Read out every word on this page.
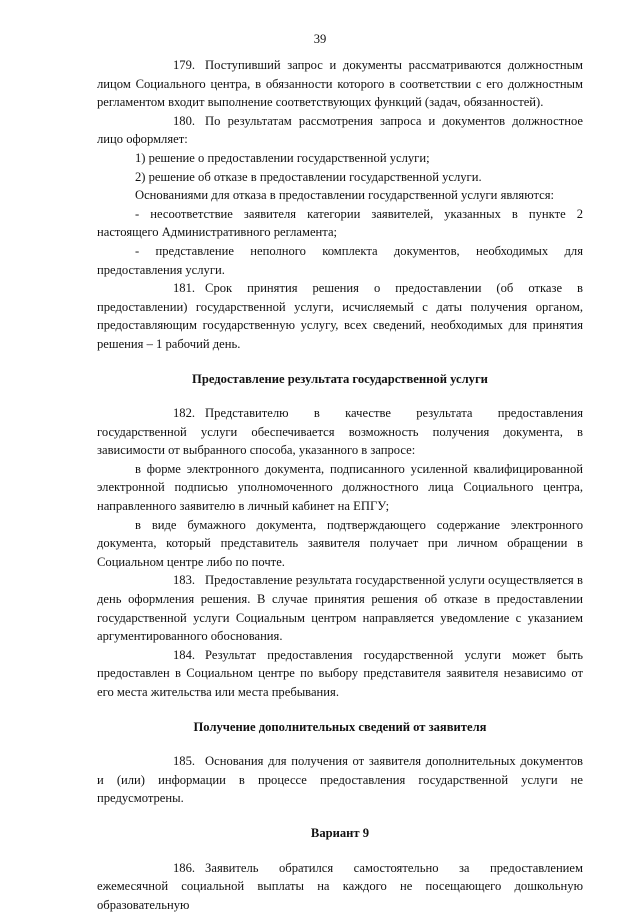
39

179. Поступивший запрос и документы рассматриваются должностным лицом Социального центра, в обязанности которого в соответствии с его должностным регламентом входит выполнение соответствующих функций (задач, обязанностей).

180. По результатам рассмотрения запроса и документов должностное лицо оформляет:

1) решение о предоставлении государственной услуги;

2) решение об отказе в предоставлении государственной услуги.

Основаниями для отказа в предоставлении государственной услуги являются:

- несоответствие заявителя категории заявителей, указанных в пункте 2 настоящего Административного регламента;

- представление неполного комплекта документов, необходимых для предоставления услуги.

181. Срок принятия решения о предоставлении (об отказе в предоставлении) государственной услуги, исчисляемый с даты получения органом, предоставляющим государственную услугу, всех сведений, необходимых для принятия решения – 1 рабочий день.

Предоставление результата государственной услуги

182. Представителю в качестве результата предоставления государственной услуги обеспечивается возможность получения документа, в зависимости от выбранного способа, указанного в запросе:

в форме электронного документа, подписанного усиленной квалифицированной электронной подписью уполномоченного должностного лица Социального центра, направленного заявителю в личный кабинет на ЕПГУ;

в виде бумажного документа, подтверждающего содержание электронного документа, который представитель заявителя получает при личном обращении в Социальном центре либо по почте.

183. Предоставление результата государственной услуги осуществляется в день оформления решения. В случае принятия решения об отказе в предоставлении государственной услуги Социальным центром направляется уведомление с указанием аргументированного обоснования.

184. Результат предоставления государственной услуги может быть предоставлен в Социальном центре по выбору представителя заявителя независимо от его места жительства или места пребывания.

Получение дополнительных сведений от заявителя

185. Основания для получения от заявителя дополнительных документов и (или) информации в процессе предоставления государственной услуги не предусмотрены.

Вариант 9

186. Заявитель обратился самостоятельно за предоставлением ежемесячной социальной выплаты на каждого не посещающего дошкольную образовательную
